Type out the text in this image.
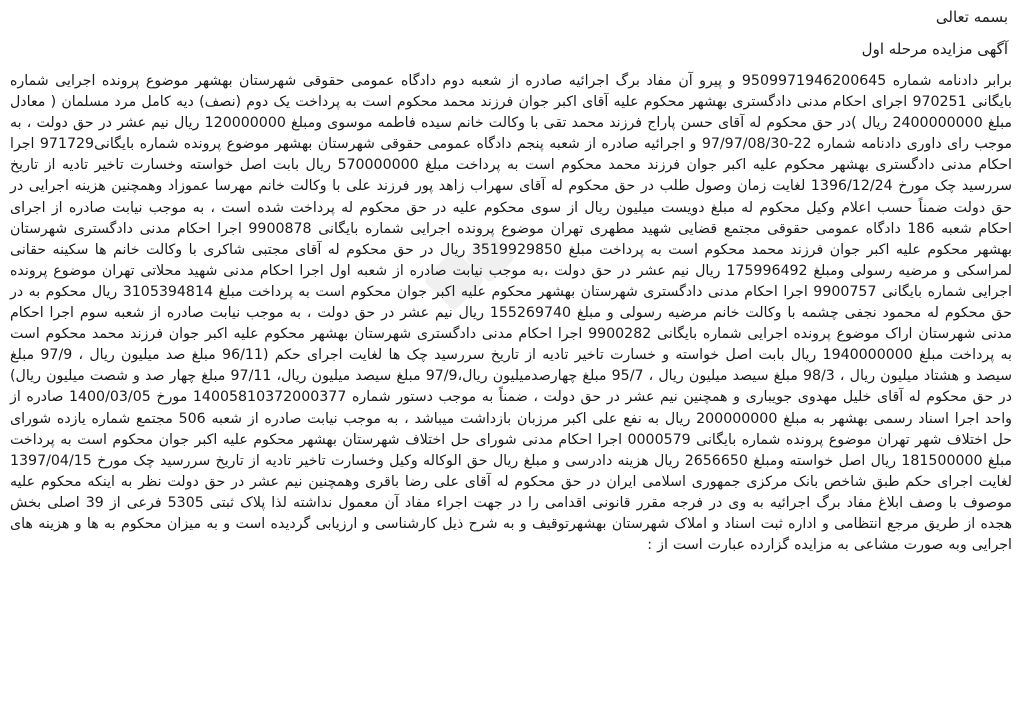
بسمه تعالی
آگهی مزایده مرحله اول

برابر دادنامه شماره 9509971946200645 و پیرو آن مفاد برگ اجرائیه صادره از شعبه دوم دادگاه عمومی حقوقی شهرستان بهشهر موضوع پرونده اجرایی شماره بایگانی 970251 اجرای احکام مدنی دادگستری بهشهر محکوم علیه آقای اکبر جوان فرزند محمد محکوم است به پرداخت یک دوم (نصف) دیه کامل مرد مسلمان ( معادل مبلغ 2400000000 ریال )در حق محکوم له آقای حسن پاراج فرزند محمد تقی با وکالت خانم سیده فاطمه موسوی ومبلغ 120000000 ریال نیم عشر در حق دولت ، به موجب رای داوری دادنامه شماره 22-97/97/08/30 و اجرائیه صادره از شعبه پنجم دادگاه عمومی حقوقی شهرستان بهشهر موضوع پرونده شماره بایگانی971729 اجرا احکام مدنی دادگستری بهشهر محکوم علیه اکبر جوان فرزند محمد محکوم است به پرداخت مبلغ 570000000 ریال بابت اصل خواسته وخسارت تاخیر تادیه از تاریخ سررسید چک مورخ 1396/12/24 لغایت زمان وصول طلب در حق محکوم له آقای سهراب زاهد پور فرزند علی با وکالت خانم مهرسا عموزاد وهمچنین هزینه اجرایی در حق دولت ضمناً حسب اعلام وکیل محکوم له مبلغ دویست میلیون ریال از سوی محکوم علیه در حق محکوم له پرداخت شده است ، به موجب نیابت صادره از اجرای احکام شعبه 186 دادگاه عمومی حقوقی مجتمع قضایی شهید مطهری تهران موضوع پرونده اجرایی شماره بایگانی 9900878 اجرا احکام مدنی دادگستری شهرستان بهشهر محکوم علیه اکبر جوان فرزند محمد محکوم است به پرداخت مبلغ 3519929850 ریال در حق محکوم له آقای مجتبی شاکری با وکالت خانم ها سکینه حقانی لمراسکی و مرضیه رسولی ومبلغ 175996492 ریال نیم عشر در حق دولت ،به موجب نیابت صادره از شعبه اول اجرا احکام مدنی شهید محلاتی تهران موضوع پرونده اجرایی شماره بایگانی 9900757 اجرا احکام مدنی دادگستری شهرستان بهشهر محکوم علیه اکبر جوان محکوم است به پرداخت مبلغ 3105394814 ریال محکوم به در حق محکوم له محمود نجفی چشمه با وکالت خانم مرضیه رسولی و مبلغ 155269740 ریال نیم عشر در حق دولت ، به موجب نیابت صادره از شعبه سوم اجرا احکام مدنی شهرستان اراک موضوع پرونده اجرایی شماره بایگانی 9900282 اجرا احکام مدنی دادگستری شهرستان بهشهر محکوم علیه اکبر جوان فرزند محمد محکوم است به پرداخت مبلغ 1940000000 ریال بابت اصل خواسته و خسارت تاخیر تادیه از تاریخ سررسید چک ها لغایت اجرای حکم (96/11 مبلغ صد میلیون ریال ، 97/9 مبلغ سیصد و هشتاد میلیون ریال ، 98/3 مبلغ سیصد میلیون ریال ، 95/7 مبلغ چهارصدمیلیون ریال،97/9 مبلغ سیصد میلیون ریال، 97/11 مبلغ چهار صد و شصت میلیون ریال) در حق محکوم له آقای خلیل مهدوی جویباری و همچنین نیم عشر در حق دولت ، ضمناً به موجب دستور شماره 14005810372000377 مورخ 1400/03/05 صادره از واحد اجرا اسناد رسمی بهشهر به مبلغ 200000000 ریال به نفع علی اکبر مرزبان بازداشت میباشد ، به موجب نیابت صادره از شعبه 506 مجتمع شماره یازده شورای حل اختلاف شهر تهران موضوع پرونده شماره بایگانی 0000579 اجرا احکام مدنی شورای حل اختلاف شهرستان بهشهر محکوم علیه اکبر جوان محکوم است به پرداخت مبلغ 181500000 ریال اصل خواسته ومبلغ 2656650 ریال هزینه دادرسی و مبلغ ریال حق الوکاله وکیل وخسارت تاخیر تادیه از تاریخ سررسید چک مورخ 1397/04/15 لغایت اجرای حکم طبق شاخص بانک مرکزی جمهوری اسلامی ایران در حق محکوم له آقای علی رضا باقری وهمچنین نیم عشر در حق دولت نظر به اینکه محکوم علیه موصوف با وصف ابلاغ مفاد برگ اجرائیه به وی در فرجه مقرر قانونی اقدامی را در جهت اجراء مفاد آن معمول نداشته لذا پلاک ثبتی 5305 فرعی از 39 اصلی بخش هجده از طریق مرجع انتظامی و اداره ثبت اسناد و املاک شهرستان بهشهرتوقیف و به شرح ذیل کارشناسی و ارزیابی گردیده است و به میزان محکوم به ها و هزینه های اجرایی وبه صورت مشاعی به مزایده گزارده عبارت است از :
